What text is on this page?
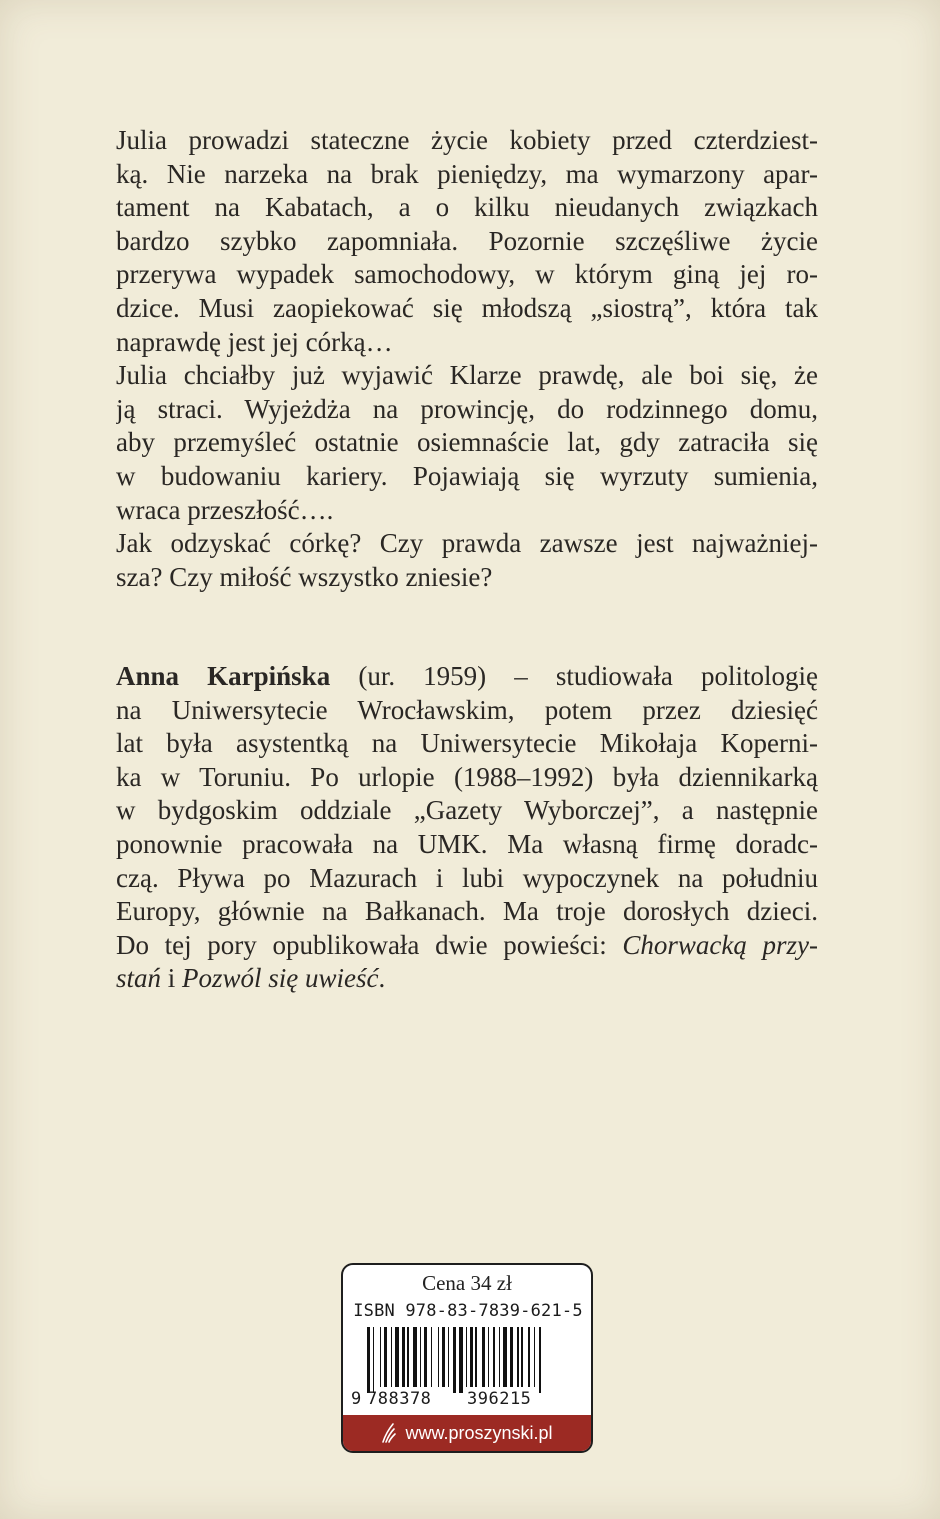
Julia prowadzi stateczne życie kobiety przed czterdziest-
ką. Nie narzeka na brak pieniędzy, ma wymarzony apar-
tament na Kabatach, a o kilku nieudanych związkach
bardzo szybko zapomniała. Pozornie szczęśliwe życie
przerywa wypadek samochodowy, w którym giną jej ro-
dzice. Musi zaopiekować się młodszą „siostrą”, która tak
naprawdę jest jej córką…
Julia chciałby już wyjawić Klarze prawdę, ale boi się, że
ją straci. Wyjeżdża na prowincję, do rodzinnego domu,
aby przemyśleć ostatnie osiemnaście lat, gdy zatraciła się
w budowaniu kariery. Pojawiają się wyrzuty sumienia,
wraca przeszłość….
Jak odzyskać córkę? Czy prawda zawsze jest najważniej-
sza? Czy miłość wszystko zniesie?
Anna Karpińska (ur. 1959) – studiowała politologię
na Uniwersytecie Wrocławskim, potem przez dziesięć
lat była asystentką na Uniwersytecie Mikołaja Koperni-
ka w Toruniu. Po urlopie (1988–1992) była dziennikarką
w bydgoskim oddziale „Gazety Wyborczej”, a następnie
ponownie pracowała na UMK. Ma własną firmę doradc-
czą. Pływa po Mazurach i lubi wypoczynek na południu
Europy, głównie na Bałkanach. Ma troje dorosłych dzieci.
Do tej pory opublikowała dwie powieści: Chorwacką przy-
stań i Pozwól się uwieść.
Cena 34 zł
ISBN 978-83-7839-621-5
9 788378	396215
www.proszynski.pl
